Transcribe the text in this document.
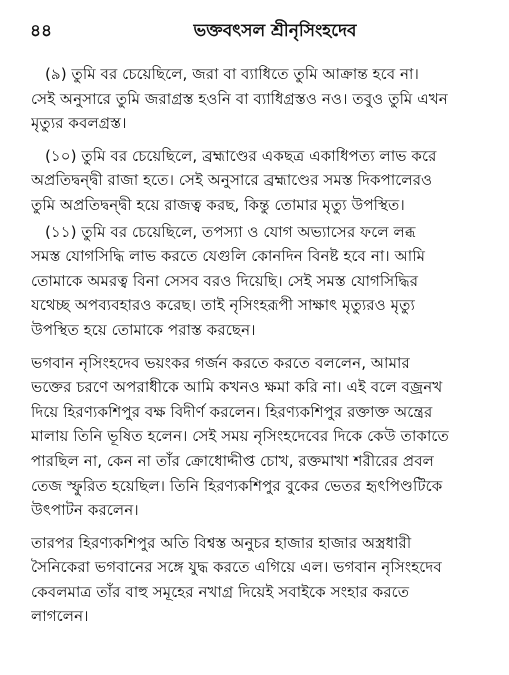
৪৪	ভক্তবৎসল শ্রীনৃসিংহদেব
(৯) তুমি বর চেয়েছিলে, জরা বা ব্যাধিতে তুমি আক্রান্ত হবে না।
সেই অনুসারে তুমি জরাগ্রস্ত হওনি বা ব্যাধিগ্রস্তও নও। তবুও তুমি এখন
মৃত্যুর কবলগ্রস্ত।
(১০) তুমি বর চেয়েছিলে, ব্রহ্মাণ্ডের একছত্র একাধিপত্য লাভ করে
অপ্রতিদ্বন্দ্বী রাজা হতে। সেই অনুসারে ব্রহ্মাণ্ডের সমস্ত দিকপালেরও
তুমি অপ্রতিদ্বন্দ্বী হয়ে রাজত্ব করছ, কিন্তু তোমার মৃত্যু উপস্থিত।
(১১) তুমি বর চেয়েছিলে, তপস্যা ও যোগ অভ্যাসের ফলে লব্ধ
সমস্ত যোগসিদ্ধি লাভ করতে যেগুলি কোনদিন বিনষ্ট হবে না। আমি
তোমাকে অমরত্ব বিনা সেসব বরও দিয়েছি। সেই সমস্ত যোগসিদ্ধির
যথেচ্ছ অপব্যবহারও করেছ। তাই নৃসিংহরূপী সাক্ষাৎ মৃত্যুরও মৃত্যু
উপস্থিত হয়ে তোমাকে পরাস্ত করছেন।
ভগবান নৃসিংহদেব ভয়ংকর গর্জন করতে করতে বললেন, আমার
ভক্তের চরণে অপরাধীকে আমি কখনও ক্ষমা করি না। এই বলে বজ্রনখ
দিয়ে হিরণ্যকশিপুর বক্ষ বিদীর্ণ করলেন। হিরণ্যকশিপুর রক্তাক্ত অন্ত্রের
মালায় তিনি ভূষিত হলেন। সেই সময় নৃসিংহদেবের দিকে কেউ তাকাতে
পারছিল না, কেন না তাঁর ক্রোধোদ্দীপ্ত চোখ, রক্তমাখা শরীরের প্রবল
তেজ স্ফুরিত হয়েছিল। তিনি হিরণ্যকশিপুর বুকের ভেতর হৃৎপিণ্ডটিকে
উৎপাটন করলেন।
তারপর হিরণ্যকশিপুর অতি বিশ্বস্ত অনুচর হাজার হাজার অস্ত্রধারী
সৈনিকেরা ভগবানের সঙ্গে যুদ্ধ করতে এগিয়ে এল। ভগবান নৃসিংহদেব
কেবলমাত্র তাঁর বাহু সমূহের নখাগ্র দিয়েই সবাইকে সংহার করতে
লাগলেন।
